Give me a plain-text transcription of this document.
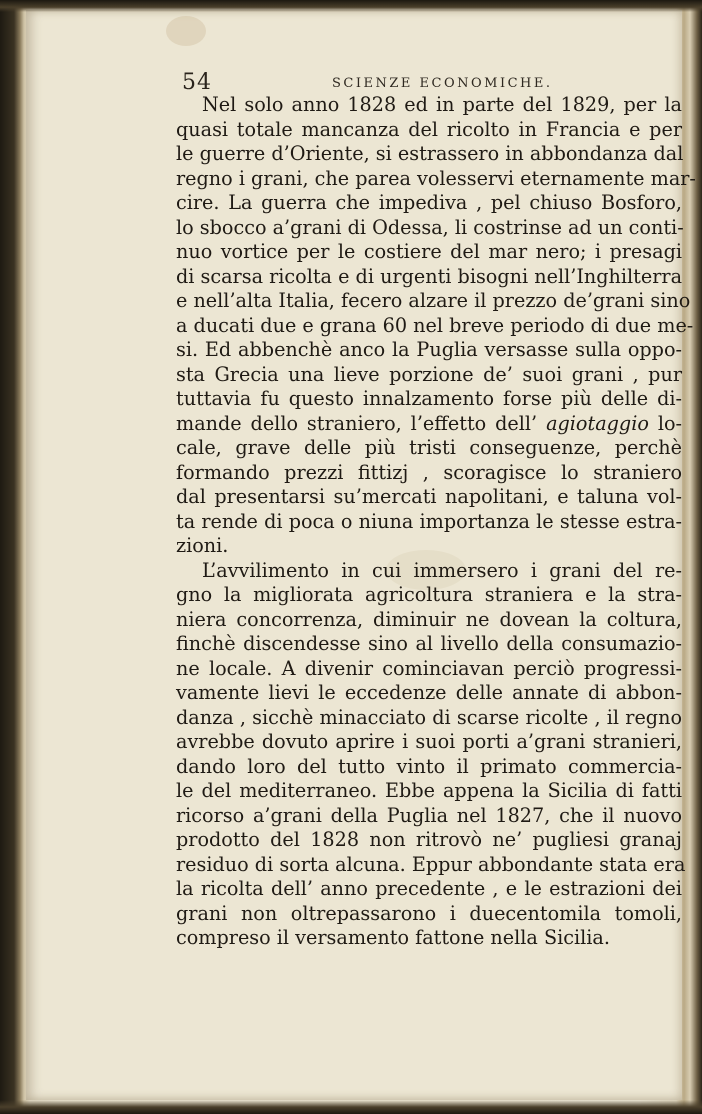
54	SCIENZE ECONOMICHE.
Nel solo anno 1828 ed in parte del 1829, per la
quasi totale mancanza del ricolto in Francia e per
le guerre d’Oriente, si estrassero in abbondanza dal
regno i grani, che parea volesservi eternamente mar-
cire. La guerra che impediva , pel chiuso Bosforo,
lo sbocco a’grani di Odessa, li costrinse ad un conti-
nuo vortice per le costiere del mar nero; i presagi
di scarsa ricolta e di urgenti bisogni nell’Inghilterra
e nell’alta Italia, fecero alzare il prezzo de’grani sino
a ducati due e grana 60 nel breve periodo di due me-
si. Ed abbenchè anco la Puglia versasse sulla oppo-
sta Grecia una lieve porzione de’ suoi grani , pur
tuttavia fu questo innalzamento forse più delle di-
mande dello straniero, l’effetto dell’ agiotaggio lo-
cale, grave delle più tristi conseguenze, perchè
formando prezzi fittizj , scoragisce lo straniero
dal presentarsi su’mercati napolitani, e taluna vol-
ta rende di poca o niuna importanza le stesse estra-
zioni.
L’avvilimento in cui immersero i grani del re-
gno la migliorata agricoltura straniera e la stra-
niera concorrenza, diminuir ne dovean la coltura,
finchè discendesse sino al livello della consumazio-
ne locale. A divenir cominciavan perciò progressi-
vamente lievi le eccedenze delle annate di abbon-
danza , sicchè minacciato di scarse ricolte , il regno
avrebbe dovuto aprire i suoi porti a’grani stranieri,
dando loro del tutto vinto il primato commercia-
le del mediterraneo. Ebbe appena la Sicilia di fatti
ricorso a’grani della Puglia nel 1827, che il nuovo
prodotto del 1828 non ritrovò ne’ pugliesi granaj
residuo di sorta alcuna. Eppur abbondante stata era
la ricolta dell’ anno precedente , e le estrazioni dei
grani non oltrepassarono i duecentomila tomoli,
compreso il versamento fattone nella Sicilia.
